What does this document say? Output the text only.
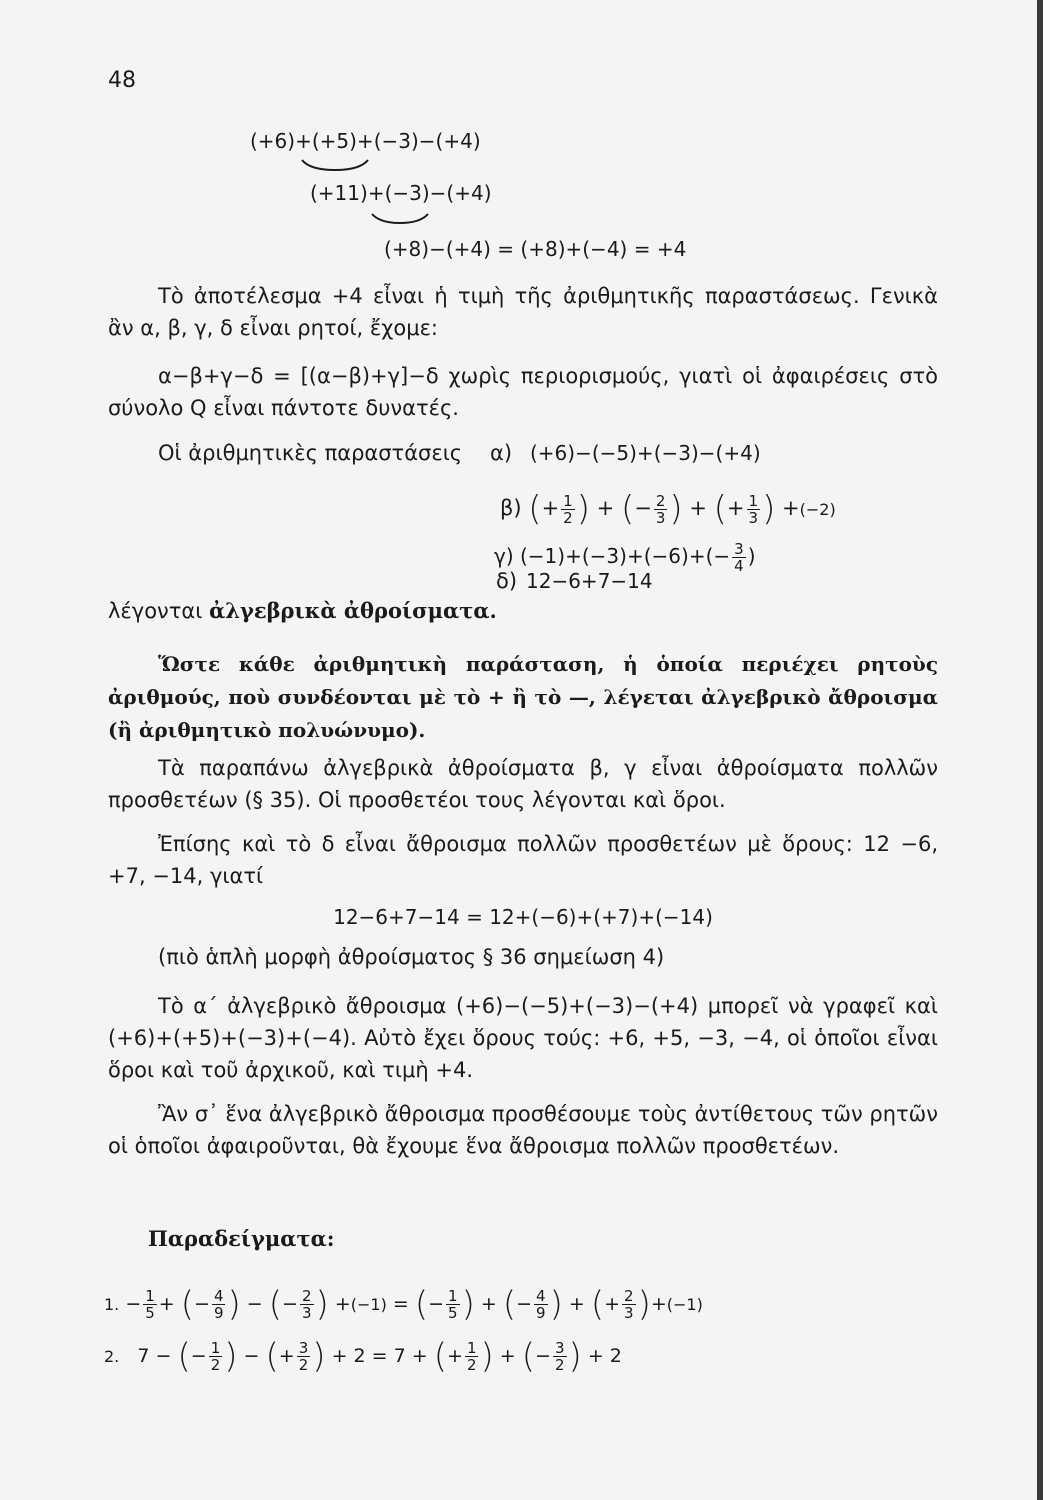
48
(+6)+(+5)+(−3)−(+4)
(+11)+(−3)−(+4)
(+8)−(+4) = (+8)+(−4) = +4
Τὸ ἀποτέλεσμα +4 εἶναι ἡ τιμὴ τῆς ἀριθμητικῆς παραστάσεως. Γενικὰ ἂν α, β, γ, δ εἶναι ρητοί, ἔχομε:
α−β+γ−δ = [(α−β)+γ]−δ χωρὶς περιορισμούς, γιατὶ οἱ ἀφαιρέσεις στὸ σύνολο Q εἶναι πάντοτε δυνατές.
Οἱ ἀριθμητικὲς παραστάσεις α) (+6)−(−5)+(−3)−(+4)
β) (+ $\frac{1}{2}$ ) + (− $\frac{2}{3}$ ) + (+ $\frac{1}{3}$ ) +(−2)
γ) $(-1)+(-3)+(-6)+(- \frac{3}{4}$ )
δ) 12−6+7−14
λέγονται ἀλγεβρικὰ ἀθροίσματα.
Ὥστε κάθε ἀριθμητικὴ παράσταση, ἡ ὁποία περιέχει ρητοὺς ἀριθμούς, ποὺ συνδέονται μὲ τὸ + ἢ τὸ —, λέγεται ἀλγεβρικὸ ἄθροισμα (ἢ ἀριθμητικὸ πολυώνυμο).
Τὰ παραπάνω ἀλγεβρικὰ ἀθροίσματα β, γ εἶναι ἀθροίσματα πολλῶν προσθετέων (§ 35). Οἱ προσθετέοι τους λέγονται καὶ ὅροι.
Ἐπίσης καὶ τὸ δ εἶναι ἄθροισμα πολλῶν προσθετέων μὲ ὅρους: 12 −6, +7, −14, γιατί
12−6+7−14 = 12+(−6)+(+7)+(−14)
(πιὸ ἁπλὴ μορφὴ ἀθροίσματος § 36 σημείωση 4)
Τὸ α΄ ἀλγεβρικὸ ἄθροισμα (+6)−(−5)+(−3)−(+4) μπορεῖ νὰ γραφεῖ καὶ (+6)+(+5)+(−3)+(−4). Αὐτὸ ἔχει ὅρους τούς: +6, +5, −3, −4, οἱ ὁποῖοι εἶναι ὅροι καὶ τοῦ ἀρχικοῦ, καὶ τιμὴ +4.
Ἂν σ᾽ ἕνα ἀλγεβρικὸ ἄθροισμα προσθέσουμε τοὺς ἀντίθετους τῶν ρητῶν οἱ ὁποῖοι ἀφαιροῦνται, θὰ ἔχουμε ἕνα ἄθροισμα πολλῶν προσθετέων.
Παραδείγματα:
1. − $\frac{1}{5}$ + (− $\frac{4}{9}$ ) − (− $\frac{2}{3}$ ) +(−1) = (− $\frac{1}{5}$ ) + (− $\frac{4}{9}$ ) + (+ $\frac{2}{3} )+(-1)$
2. 7 − (− $\frac{1}{2}$ ) − (+ $\frac{3}{2}$ ) + 2 = 7 + (+ $\frac{1}{2}$ ) + (− $\frac{3}{2}$ ) + 2
